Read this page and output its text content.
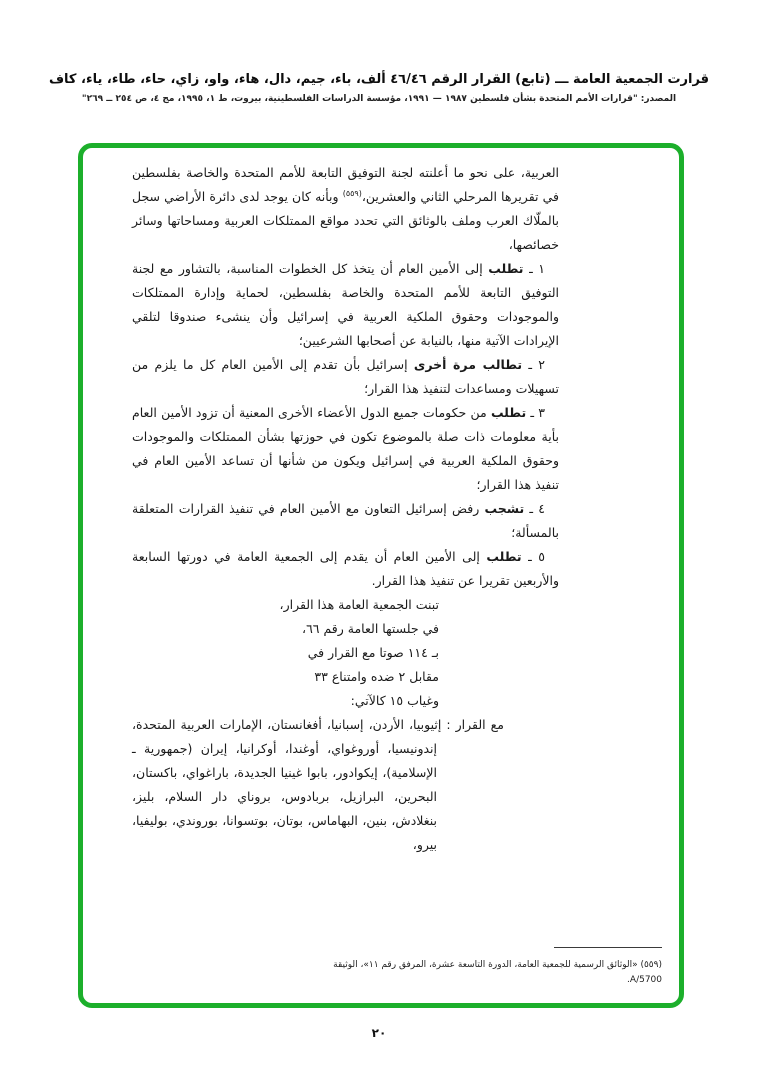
قرارت الجمعية العامة ـــ (تابع) القرار الرقم ٤٦/٤٦ ألف، باء، جيم، دال، هاء، واو، زاي، حاء، طاء، ياء، كاف
المصدر: "قرارات الأمم المتحدة بشأن فلسطين ١٩٨٧ — ١٩٩١، مؤسسة الدراسات الفلسطينية، بيروت، ط ١، ١٩٩٥، مج ٤، ص ٢٥٤ ــ ٢٦٩"

العربية، على نحو ما أعلنته لجنة التوفيق التابعة للأمم المتحدة والخاصة بفلسطين في تقريرها المرحلي الثاني والعشرين،$^{(٥٥٩)}$ وبأنه كان يوجد لدى دائرة الأراضي سجل بالملّاك العرب وملف بالوثائق التي تحدد مواقع الممتلكات العربية ومساحاتها وسائر خصائصها،

١ ـ تطلب إلى الأمين العام أن يتخذ كل الخطوات المناسبة، بالتشاور مع لجنة التوفيق التابعة للأمم المتحدة والخاصة بفلسطين، لحماية وإدارة الممتلكات والموجودات وحقوق الملكية العربية في إسرائيل وأن ينشىء صندوقا لتلقي الإيرادات الآتية منها، بالنيابة عن أصحابها الشرعيين؛

٢ ـ تطالب مرة أخرى إسرائيل بأن تقدم إلى الأمين العام كل ما يلزم من تسهيلات ومساعدات لتنفيذ هذا القرار؛

٣ ـ تطلب من حكومات جميع الدول الأعضاء الأخرى المعنية أن تزود الأمين العام بأية معلومات ذات صلة بالموضوع تكون في حوزتها بشأن الممتلكات والموجودات وحقوق الملكية العربية في إسرائيل ويكون من شأنها أن تساعد الأمين العام في تنفيذ هذا القرار؛

٤ ـ تشجب رفض إسرائيل التعاون مع الأمين العام في تنفيذ القرارات المتعلقة بالمسألة؛

٥ ـ تطلب إلى الأمين العام أن يقدم إلى الجمعية العامة في دورتها السابعة والأربعين تقريرا عن تنفيذ هذا القرار.

تبنت الجمعية العامة هذا القرار،
في جلستها العامة رقم ٦٦،
بـ ١١٤ صوتا مع القرار في
مقابل ٢ ضده وامتناع ٣٣
وغياب ١٥ كالآتي:

مع القرار : إثيوبيا، الأردن، إسبانيا، أفغانستان، الإمارات العربية المتحدة، إندونيسيا، أوروغواي، أوغندا، أوكرانيا، إيران (جمهورية ـ الإسلامية)، إيكوادور، بابوا غينيا الجديدة، باراغواي، باكستان، البحرين، البرازيل، بربادوس، بروناي دار السلام، بليز، بنغلادش، بنين، البهاماس، بوتان، بوتسوانا، بوروندي، بوليفيا، بيرو،

(٥٥٩) «الوثائق الرسمية للجمعية العامة، الدورة التاسعة عشرة، المرفق رقم ١١»، الوثيقة A/5700.
٢٠
